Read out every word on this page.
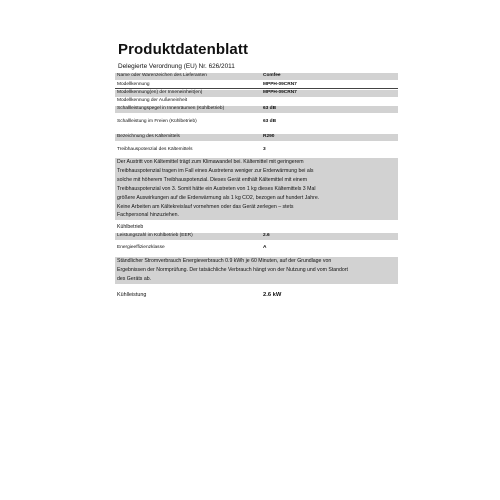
Produktdatenblatt
Delegierte Verordnung (EU) Nr. 626/2011
Name oder Warenzeichen des Lieferanten	Comfee
Modellkennung	MPPH-09CRN7
Modellkennung(en) der Inneneinheit(en)	MPPH-09CRN7
Modellkennung der Außeneinheit
Schallleistungspegel in Innenräumen (Kühlbetrieb)	63 dB
Schallleistung im Freien (Kühlbetrieb)	63 dB
Bezeichnung des Kältemittels	R290
Treibhauspotenzial des Kältemittels	3
Der Austritt von Kältemittel trägt zum Klimawandel bei. Kältemittel mit geringerem
Treibhauspotenzial tragen im Fall eines Austretens weniger zur Erderwärmung bei als
solche mit höherem Treibhauspotenzial. Dieses Gerät enthält Kältemittel mit einem
Treibhauspotenzial von 3. Somit hätte ein Austreten von 1 kg dieses Kältemittels 3 Mal
größere Auswirkungen auf die Erderwärmung als 1 kg CO2, bezogen auf hundert Jahre.
Keine Arbeiten am Kältekreislauf vornehmen oder das Gerät zerlegen – stets
Fachpersonal hinzuziehen.
Kühlbetrieb
Leistungszahl im Kühlbetrieb (EER)	2.6
Energieeffizienzklasse	A
Ständlicher Stromverbrauch Energieverbrauch 0.9 kWh je 60 Minuten, auf der Grundlage von
Ergebnissen der Normprüfung. Der tatsächliche Verbrauch hängt von der Nutzung und vom Standort
des Geräts ab.
Kühlleistung	2.6 kW
